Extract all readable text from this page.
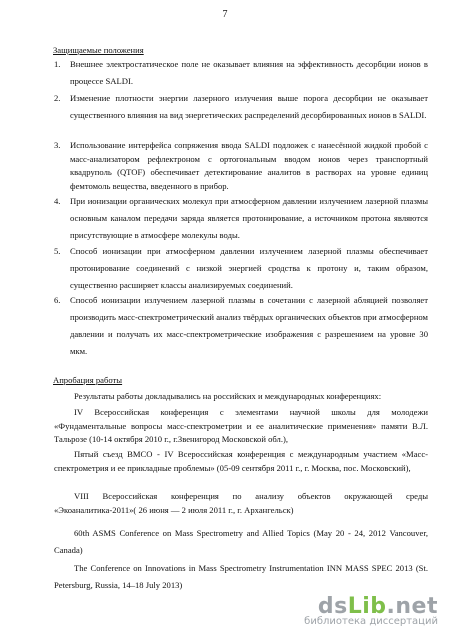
7
Защищаемые положения
1. Внешнее электростатическое поле не оказывает влияния на эффективность десорбции ионов в процессе SALDI.
2. Изменение плотности энергии лазерного излучения выше порога десорбции не оказывает существенного влияния на вид энергетических распределений десорбированных ионов в SALDI.
3. Использование интерфейса сопряжения ввода SALDI подложек с нанесённой жидкой пробой с масс-анализатором рефлектроном с ортогональным вводом ионов через транспортный квадруполь (QTOF) обеспечивает детектирование аналитов в растворах на уровне единиц фемтомоль вещества, введенного в прибор.
4. При ионизации органических молекул при атмосферном давлении излучением лазерной плазмы основным каналом передачи заряда является протонирование, а источником протона являются присутствующие в атмосфере молекулы воды.
5. Способ ионизации при атмосферном давлении излучением лазерной плазмы обеспечивает протонирование соединений с низкой энергией сродства к протону и, таким образом, существенно расширяет классы анализируемых соединений.
6. Способ ионизации излучением лазерной плазмы в сочетании с лазерной абляцией позволяет производить масс-спектрометрический анализ твёрдых органических объектов при атмосферном давлении и получать их масс-спектрометрические изображения с разрешением на уровне 30 мкм.
Апробация работы
Результаты работы докладывались на российских и международных конференциях:
IV Всероссийская конференция с элементами научной школы для молодежи «Фундаментальные вопросы масс-спектрометрии и ее аналитические применения» памяти В.Л. Тальрозе (10-14 октября 2010 г., г.Звенигород Московской обл.),
Пятый съезд ВМСО - IV Всероссийская конференция с международным участием «Масс-спектрометрия и ее прикладные проблемы» (05-09 сентября 2011 г., г. Москва, пос. Московский),
VIII Всероссийская конференция по анализу объектов окружающей среды «Экоаналитика-2011»( 26 июня — 2 июля 2011 г., г. Архангельск)
60th ASMS Conference on Mass Spectrometry and Allied Topics (May 20 - 24, 2012 Vancouver, Canada)
The Conference on Innovations in Mass Spectrometry Instrumentation INN MASS SPEC 2013 (St. Petersburg, Russia, 14–18 July 2013)
dsLib.net
библиотека диссертаций
